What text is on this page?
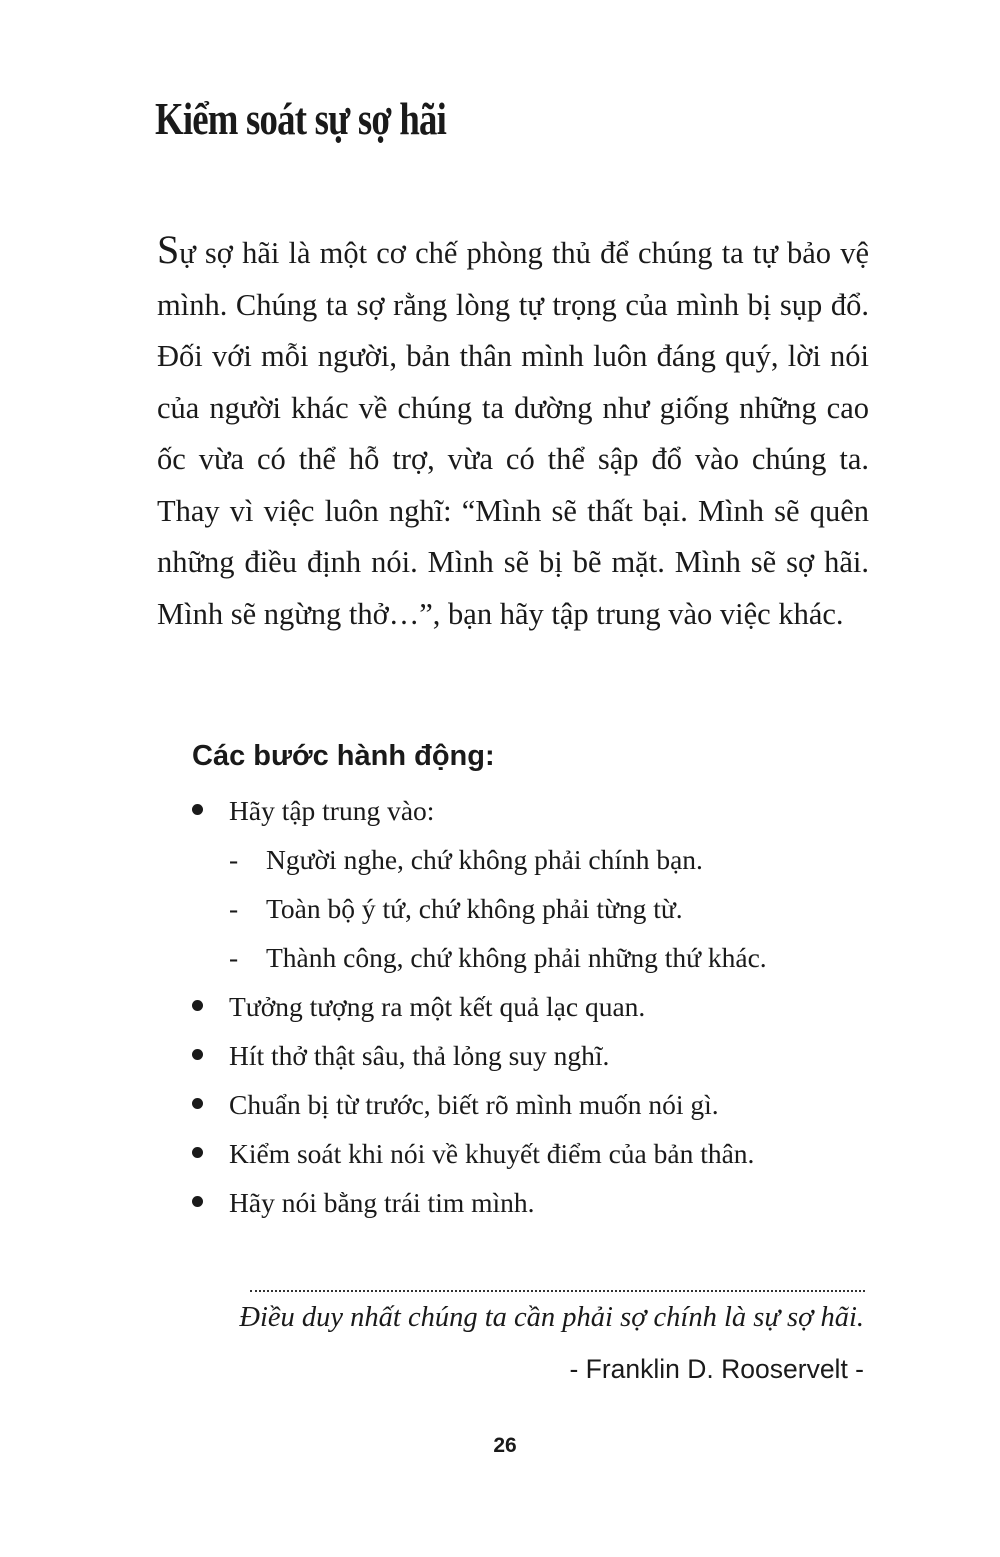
Kiểm soát sự sợ hãi

Sự sợ hãi là một cơ chế phòng thủ để chúng ta tự bảo vệ mình. Chúng ta sợ rằng lòng tự trọng của mình bị sụp đổ. Đối với mỗi người, bản thân mình luôn đáng quý, lời nói của người khác về chúng ta dường như giống những cao ốc vừa có thể hỗ trợ, vừa có thể sập đổ vào chúng ta. Thay vì việc luôn nghĩ: “Mình sẽ thất bại. Mình sẽ quên những điều định nói. Mình sẽ bị bẽ mặt. Mình sẽ sợ hãi. Mình sẽ ngừng thở…”, bạn hãy tập trung vào việc khác.

Các bước hành động:
Hãy tập trung vào:
- Người nghe, chứ không phải chính bạn.
- Toàn bộ ý tứ, chứ không phải từng từ.
- Thành công, chứ không phải những thứ khác.
Tưởng tượng ra một kết quả lạc quan.
Hít thở thật sâu, thả lỏng suy nghĩ.
Chuẩn bị từ trước, biết rõ mình muốn nói gì.
Kiểm soát khi nói về khuyết điểm của bản thân.
Hãy nói bằng trái tim mình.

Điều duy nhất chúng ta cần phải sợ chính là sự sợ hãi.

- Franklin D. Rooservelt -

26
